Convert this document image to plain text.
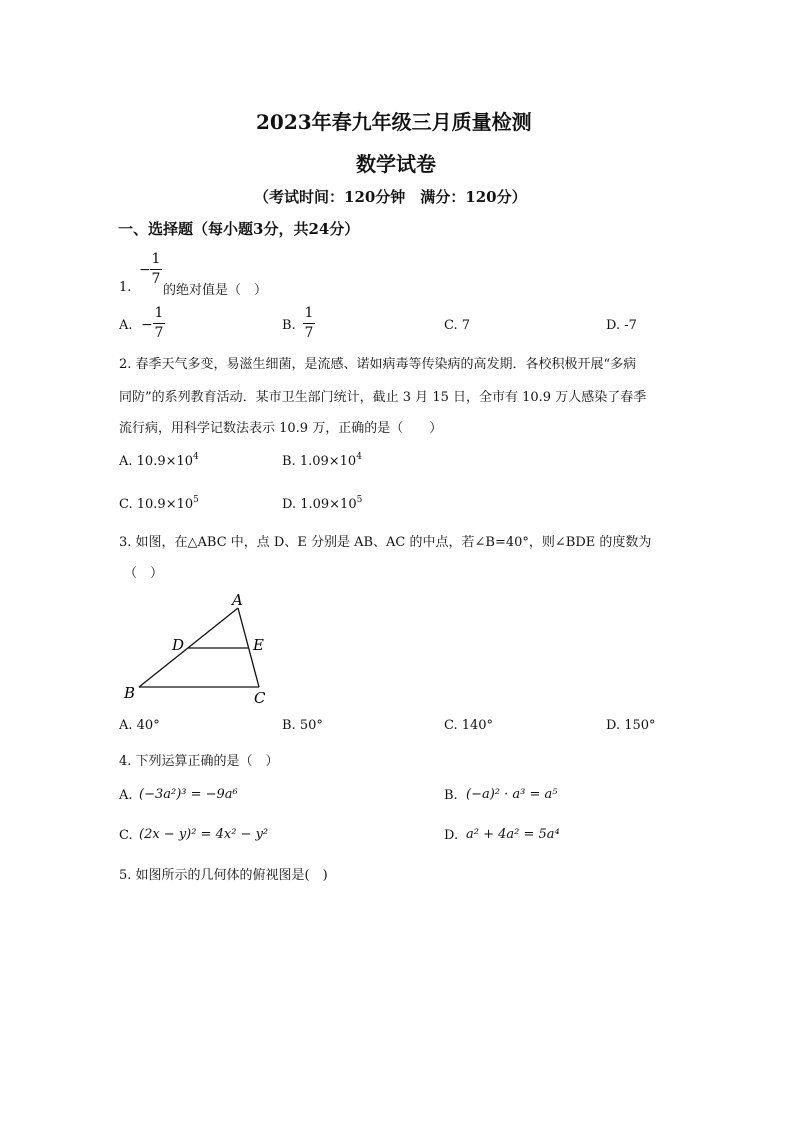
2023年春九年级三月质量检测
数学试卷
（考试时间：120分钟　满分：120分）
一、选择题（每小题3分，共24分）
1.
−
1
7
的绝对值是（　）
A. −
1
7	B.
1
7	C. 7	D. -7
2. 春季天气多变，易滋生细菌，是流感、诺如病毒等传染病的高发期．各校积极开展“多病
同防”的系列教育活动．某市卫生部门统计，截止 3 月 15 日，全市有 10.9 万人感染了春季
流行病，用科学记数法表示 10.9 万，正确的是（　　）
A. $10.9\times 10^4$	B. $1.09\times 10^4$
C. $10.9\times 10^5$	D. $1.09\times 10^5$
3. 如图，在△ABC 中，点 D、E 分别是 AB、AC 的中点，若∠B=40°，则∠BDE 的度数为
（　）
A
B	C
D	E
A. 40°	B. 50°	C. 140°	D. 150°
4. 下列运算正确的是（　）
A. (−3a²)³ = −9a⁶	B. (−a)² · a³ = a⁵
C. (2x − y)² = 4x² − y²	D. a² + 4a² = 5a⁴
5. 如图所示的几何体的俯视图是(　)
